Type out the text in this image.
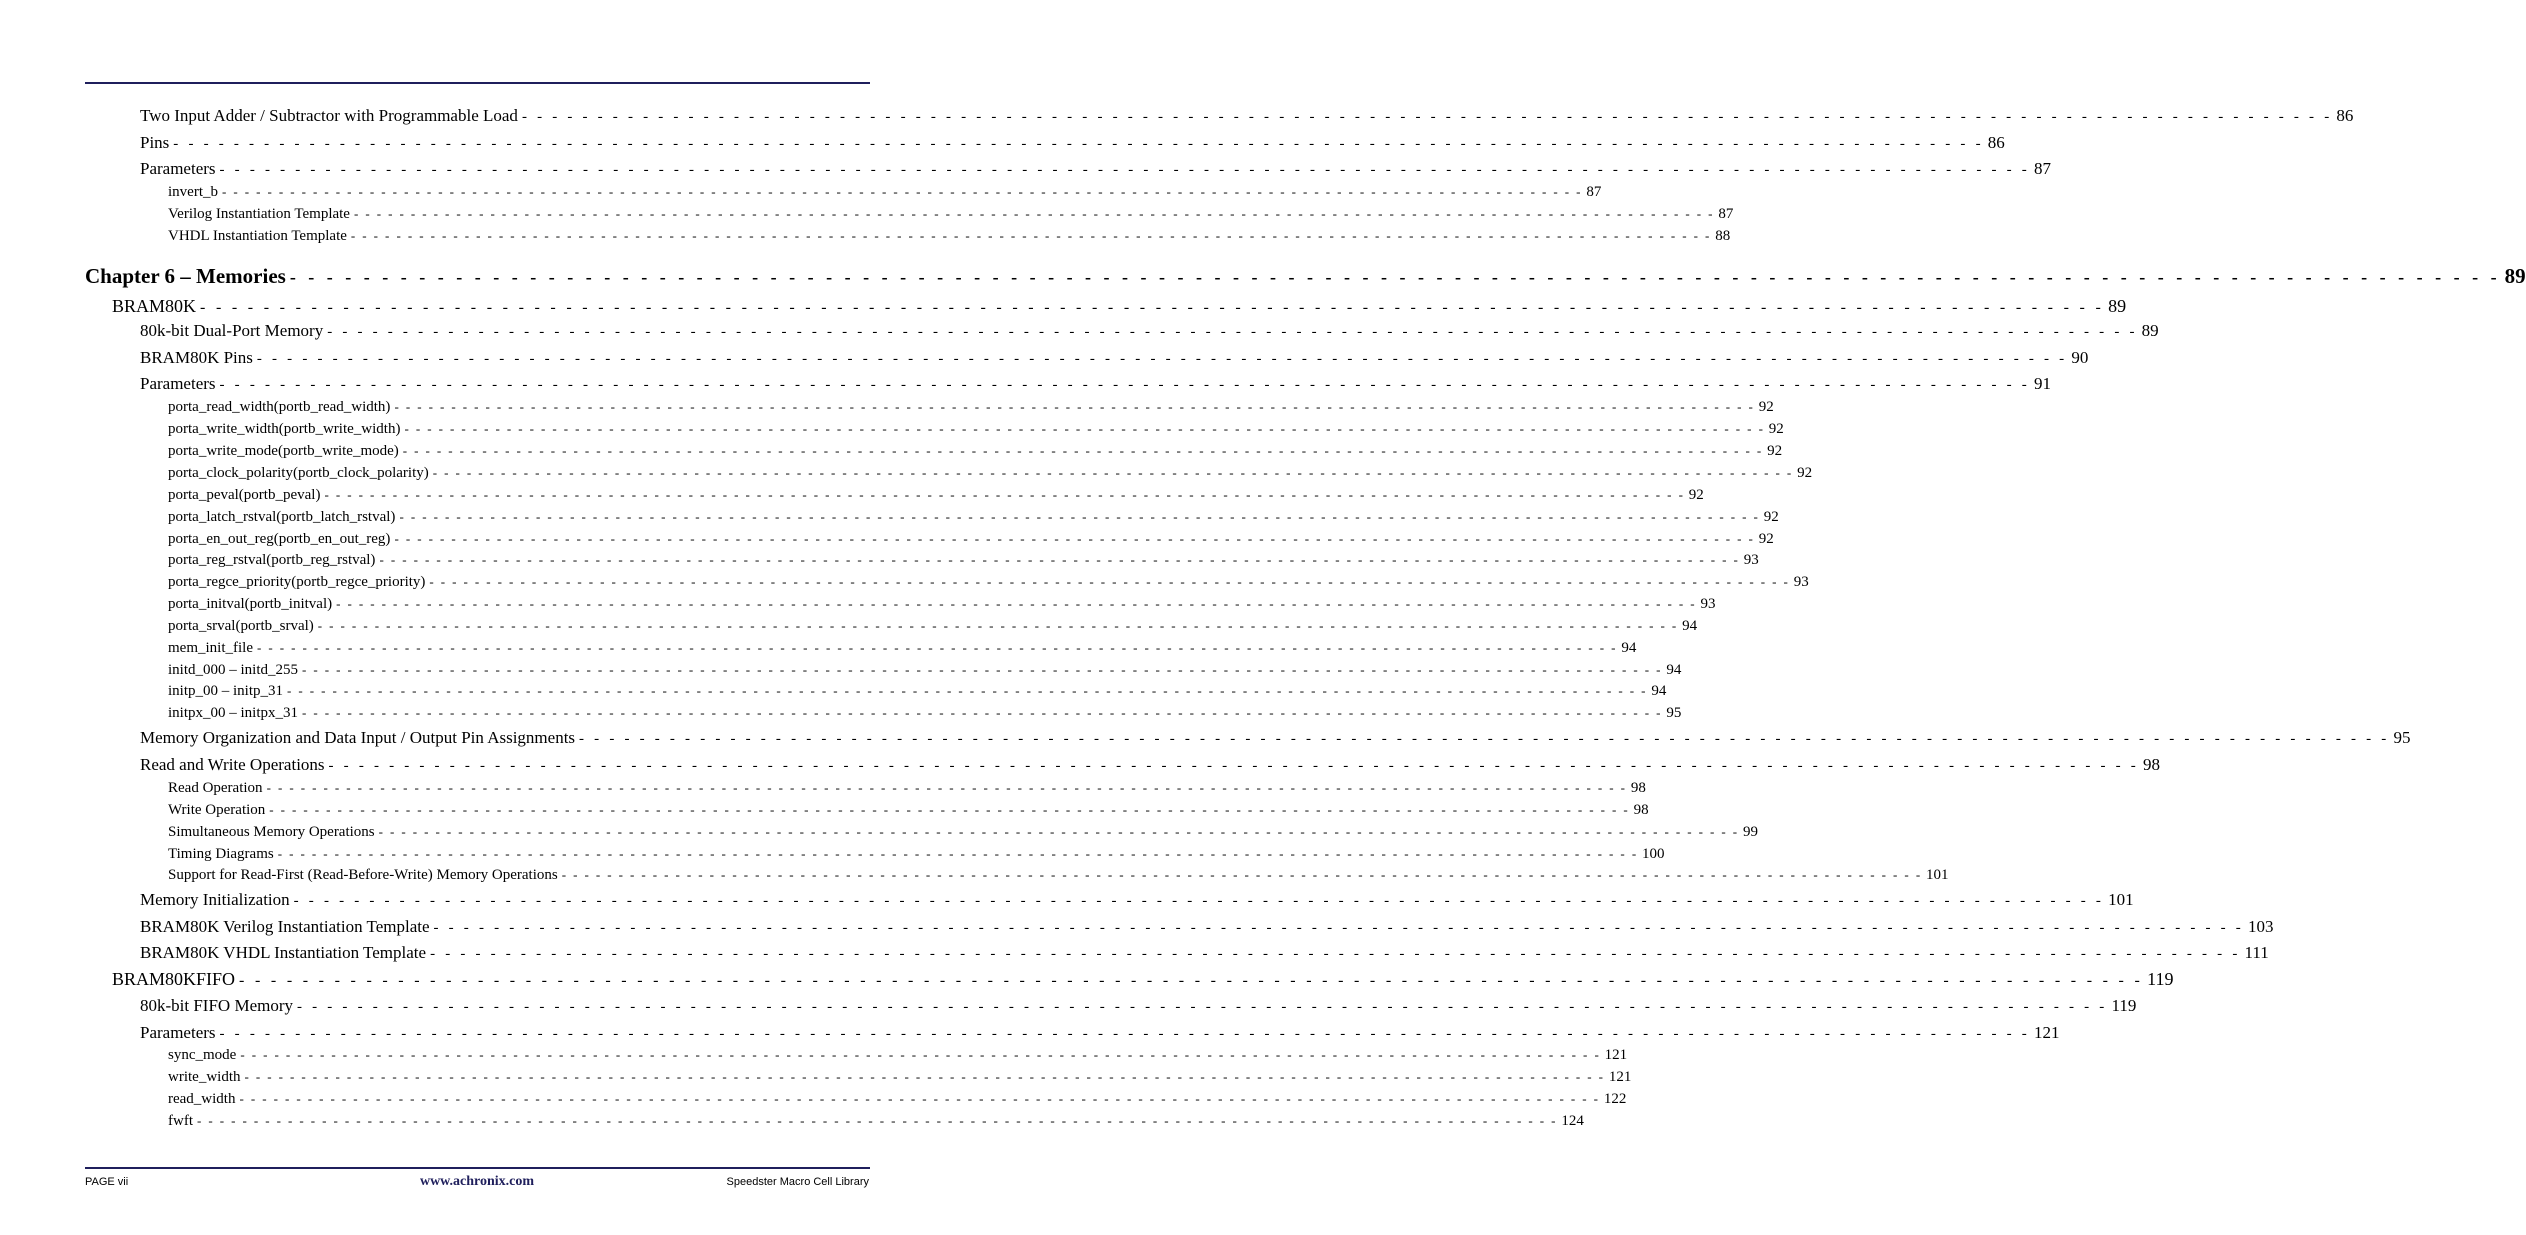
Two Input Adder / Subtractor with Programmable Load - - - - - - - - - - - - - - - - - - - - - - - - - - - - - - - - - - - - - - - - - - - - - - - - - - - - - - - - - - - - - - - - - - - - - - - - - - - - - - - - - - - - - - - - - - - - - - - - - - - - - - - - - - - - - - - - - - - - - - - - 86
Pins - - - - - - - - - - - - - - - - - - - - - - - - - - - - - - - - - - - - - - - - - - - - - - - - - - - - - - - - - - - - - - - - - - - - - - - - - - - - - - - - - - - - - - - - - - - - - - - - - - - - - - - - - - - - - - - - - - - - - - - - 86
Parameters - - - - - - - - - - - - - - - - - - - - - - - - - - - - - - - - - - - - - - - - - - - - - - - - - - - - - - - - - - - - - - - - - - - - - - - - - - - - - - - - - - - - - - - - - - - - - - - - - - - - - - - - - - - - - - - - - - - - - - - - 87
invert_b - - - - - - - - - - - - - - - - - - - - - - - - - - - - - - - - - - - - - - - - - - - - - - - - - - - - - - - - - - - - - - - - - - - - - - - - - - - - - - - - - - - - - - - - - - - - - - - - - - - - - - - - - - - - - - - - - - - - - - - - 87
Verilog Instantiation Template - - - - - - - - - - - - - - - - - - - - - - - - - - - - - - - - - - - - - - - - - - - - - - - - - - - - - - - - - - - - - - - - - - - - - - - - - - - - - - - - - - - - - - - - - - - - - - - - - - - - - - - - - - - - - - - - - - - - - - - - 87
VHDL Instantiation Template - - - - - - - - - - - - - - - - - - - - - - - - - - - - - - - - - - - - - - - - - - - - - - - - - - - - - - - - - - - - - - - - - - - - - - - - - - - - - - - - - - - - - - - - - - - - - - - - - - - - - - - - - - - - - - - - - - - - - - - - 88
Chapter 6 – Memories - - - - - - - - - - - - - - - - - - - - - - - - - - - - - - - - - - - - - - - - - - - - - - - - - - - - - - - - - - - - - - - - - - - - - - - - - - - - - - - - - - - - - - - - - - - - - - - - - - - - - - - - - - - - - - - - - - - - - - - - 89
BRAM80K - - - - - - - - - - - - - - - - - - - - - - - - - - - - - - - - - - - - - - - - - - - - - - - - - - - - - - - - - - - - - - - - - - - - - - - - - - - - - - - - - - - - - - - - - - - - - - - - - - - - - - - - - - - - - - - - - - - - - - - - 89
80k-bit Dual-Port Memory - - - - - - - - - - - - - - - - - - - - - - - - - - - - - - - - - - - - - - - - - - - - - - - - - - - - - - - - - - - - - - - - - - - - - - - - - - - - - - - - - - - - - - - - - - - - - - - - - - - - - - - - - - - - - - - - - - - - - - - - 89
BRAM80K Pins - - - - - - - - - - - - - - - - - - - - - - - - - - - - - - - - - - - - - - - - - - - - - - - - - - - - - - - - - - - - - - - - - - - - - - - - - - - - - - - - - - - - - - - - - - - - - - - - - - - - - - - - - - - - - - - - - - - - - - - - 90
Parameters - - - - - - - - - - - - - - - - - - - - - - - - - - - - - - - - - - - - - - - - - - - - - - - - - - - - - - - - - - - - - - - - - - - - - - - - - - - - - - - - - - - - - - - - - - - - - - - - - - - - - - - - - - - - - - - - - - - - - - - - 91
porta_read_width(portb_read_width) - - - - - - - - - - - - - - - - - - - - - - - - - - - - - - - - - - - - - - - - - - - - - - - - - - - - - - - - - - - - - - - - - - - - - - - - - - - - - - - - - - - - - - - - - - - - - - - - - - - - - - - - - - - - - - - - - - - - - - - - 92
porta_write_width(portb_write_width) - - - - - - - - - - - - - - - - - - - - - - - - - - - - - - - - - - - - - - - - - - - - - - - - - - - - - - - - - - - - - - - - - - - - - - - - - - - - - - - - - - - - - - - - - - - - - - - - - - - - - - - - - - - - - - - - - - - - - - - - 92
porta_write_mode(portb_write_mode) - - - - - - - - - - - - - - - - - - - - - - - - - - - - - - - - - - - - - - - - - - - - - - - - - - - - - - - - - - - - - - - - - - - - - - - - - - - - - - - - - - - - - - - - - - - - - - - - - - - - - - - - - - - - - - - - - - - - - - - - 92
porta_clock_polarity(portb_clock_polarity) - - - - - - - - - - - - - - - - - - - - - - - - - - - - - - - - - - - - - - - - - - - - - - - - - - - - - - - - - - - - - - - - - - - - - - - - - - - - - - - - - - - - - - - - - - - - - - - - - - - - - - - - - - - - - - - - - - - - - - - - 92
porta_peval(portb_peval) - - - - - - - - - - - - - - - - - - - - - - - - - - - - - - - - - - - - - - - - - - - - - - - - - - - - - - - - - - - - - - - - - - - - - - - - - - - - - - - - - - - - - - - - - - - - - - - - - - - - - - - - - - - - - - - - - - - - - - - - 92
porta_latch_rstval(portb_latch_rstval) - - - - - - - - - - - - - - - - - - - - - - - - - - - - - - - - - - - - - - - - - - - - - - - - - - - - - - - - - - - - - - - - - - - - - - - - - - - - - - - - - - - - - - - - - - - - - - - - - - - - - - - - - - - - - - - - - - - - - - - - 92
porta_en_out_reg(portb_en_out_reg) - - - - - - - - - - - - - - - - - - - - - - - - - - - - - - - - - - - - - - - - - - - - - - - - - - - - - - - - - - - - - - - - - - - - - - - - - - - - - - - - - - - - - - - - - - - - - - - - - - - - - - - - - - - - - - - - - - - - - - - - 92
porta_reg_rstval(portb_reg_rstval) - - - - - - - - - - - - - - - - - - - - - - - - - - - - - - - - - - - - - - - - - - - - - - - - - - - - - - - - - - - - - - - - - - - - - - - - - - - - - - - - - - - - - - - - - - - - - - - - - - - - - - - - - - - - - - - - - - - - - - - - 93
porta_regce_priority(portb_regce_priority) - - - - - - - - - - - - - - - - - - - - - - - - - - - - - - - - - - - - - - - - - - - - - - - - - - - - - - - - - - - - - - - - - - - - - - - - - - - - - - - - - - - - - - - - - - - - - - - - - - - - - - - - - - - - - - - - - - - - - - - - 93
porta_initval(portb_initval) - - - - - - - - - - - - - - - - - - - - - - - - - - - - - - - - - - - - - - - - - - - - - - - - - - - - - - - - - - - - - - - - - - - - - - - - - - - - - - - - - - - - - - - - - - - - - - - - - - - - - - - - - - - - - - - - - - - - - - - - 93
porta_srval(portb_srval) - - - - - - - - - - - - - - - - - - - - - - - - - - - - - - - - - - - - - - - - - - - - - - - - - - - - - - - - - - - - - - - - - - - - - - - - - - - - - - - - - - - - - - - - - - - - - - - - - - - - - - - - - - - - - - - - - - - - - - - - 94
mem_init_file - - - - - - - - - - - - - - - - - - - - - - - - - - - - - - - - - - - - - - - - - - - - - - - - - - - - - - - - - - - - - - - - - - - - - - - - - - - - - - - - - - - - - - - - - - - - - - - - - - - - - - - - - - - - - - - - - - - - - - - - 94
initd_000 – initd_255 - - - - - - - - - - - - - - - - - - - - - - - - - - - - - - - - - - - - - - - - - - - - - - - - - - - - - - - - - - - - - - - - - - - - - - - - - - - - - - - - - - - - - - - - - - - - - - - - - - - - - - - - - - - - - - - - - - - - - - - - 94
initp_00 – initp_31 - - - - - - - - - - - - - - - - - - - - - - - - - - - - - - - - - - - - - - - - - - - - - - - - - - - - - - - - - - - - - - - - - - - - - - - - - - - - - - - - - - - - - - - - - - - - - - - - - - - - - - - - - - - - - - - - - - - - - - - - 94
initpx_00 – initpx_31 - - - - - - - - - - - - - - - - - - - - - - - - - - - - - - - - - - - - - - - - - - - - - - - - - - - - - - - - - - - - - - - - - - - - - - - - - - - - - - - - - - - - - - - - - - - - - - - - - - - - - - - - - - - - - - - - - - - - - - - - 95
Memory Organization and Data Input / Output Pin Assignments - - - - - - - - - - - - - - - - - - - - - - - - - - - - - - - - - - - - - - - - - - - - - - - - - - - - - - - - - - - - - - - - - - - - - - - - - - - - - - - - - - - - - - - - - - - - - - - - - - - - - - - - - - - - - - - - - - - - - - - - 95
Read and Write Operations - - - - - - - - - - - - - - - - - - - - - - - - - - - - - - - - - - - - - - - - - - - - - - - - - - - - - - - - - - - - - - - - - - - - - - - - - - - - - - - - - - - - - - - - - - - - - - - - - - - - - - - - - - - - - - - - - - - - - - - - 98
Read Operation - - - - - - - - - - - - - - - - - - - - - - - - - - - - - - - - - - - - - - - - - - - - - - - - - - - - - - - - - - - - - - - - - - - - - - - - - - - - - - - - - - - - - - - - - - - - - - - - - - - - - - - - - - - - - - - - - - - - - - - - 98
Write Operation - - - - - - - - - - - - - - - - - - - - - - - - - - - - - - - - - - - - - - - - - - - - - - - - - - - - - - - - - - - - - - - - - - - - - - - - - - - - - - - - - - - - - - - - - - - - - - - - - - - - - - - - - - - - - - - - - - - - - - - - 98
Simultaneous Memory Operations - - - - - - - - - - - - - - - - - - - - - - - - - - - - - - - - - - - - - - - - - - - - - - - - - - - - - - - - - - - - - - - - - - - - - - - - - - - - - - - - - - - - - - - - - - - - - - - - - - - - - - - - - - - - - - - - - - - - - - - - 99
Timing Diagrams - - - - - - - - - - - - - - - - - - - - - - - - - - - - - - - - - - - - - - - - - - - - - - - - - - - - - - - - - - - - - - - - - - - - - - - - - - - - - - - - - - - - - - - - - - - - - - - - - - - - - - - - - - - - - - - - - - - - - - - - 100
Support for Read-First (Read-Before-Write) Memory Operations - - - - - - - - - - - - - - - - - - - - - - - - - - - - - - - - - - - - - - - - - - - - - - - - - - - - - - - - - - - - - - - - - - - - - - - - - - - - - - - - - - - - - - - - - - - - - - - - - - - - - - - - - - - - - - - - - - - - - - - - 101
Memory Initialization - - - - - - - - - - - - - - - - - - - - - - - - - - - - - - - - - - - - - - - - - - - - - - - - - - - - - - - - - - - - - - - - - - - - - - - - - - - - - - - - - - - - - - - - - - - - - - - - - - - - - - - - - - - - - - - - - - - - - - - - 101
BRAM80K Verilog Instantiation Template - - - - - - - - - - - - - - - - - - - - - - - - - - - - - - - - - - - - - - - - - - - - - - - - - - - - - - - - - - - - - - - - - - - - - - - - - - - - - - - - - - - - - - - - - - - - - - - - - - - - - - - - - - - - - - - - - - - - - - - - 103
BRAM80K VHDL Instantiation Template - - - - - - - - - - - - - - - - - - - - - - - - - - - - - - - - - - - - - - - - - - - - - - - - - - - - - - - - - - - - - - - - - - - - - - - - - - - - - - - - - - - - - - - - - - - - - - - - - - - - - - - - - - - - - - - - - - - - - - - - 111
BRAM80KFIFO - - - - - - - - - - - - - - - - - - - - - - - - - - - - - - - - - - - - - - - - - - - - - - - - - - - - - - - - - - - - - - - - - - - - - - - - - - - - - - - - - - - - - - - - - - - - - - - - - - - - - - - - - - - - - - - - - - - - - - - - 119
80k-bit FIFO Memory - - - - - - - - - - - - - - - - - - - - - - - - - - - - - - - - - - - - - - - - - - - - - - - - - - - - - - - - - - - - - - - - - - - - - - - - - - - - - - - - - - - - - - - - - - - - - - - - - - - - - - - - - - - - - - - - - - - - - - - - 119
Parameters - - - - - - - - - - - - - - - - - - - - - - - - - - - - - - - - - - - - - - - - - - - - - - - - - - - - - - - - - - - - - - - - - - - - - - - - - - - - - - - - - - - - - - - - - - - - - - - - - - - - - - - - - - - - - - - - - - - - - - - - 121
sync_mode - - - - - - - - - - - - - - - - - - - - - - - - - - - - - - - - - - - - - - - - - - - - - - - - - - - - - - - - - - - - - - - - - - - - - - - - - - - - - - - - - - - - - - - - - - - - - - - - - - - - - - - - - - - - - - - - - - - - - - - - 121
write_width - - - - - - - - - - - - - - - - - - - - - - - - - - - - - - - - - - - - - - - - - - - - - - - - - - - - - - - - - - - - - - - - - - - - - - - - - - - - - - - - - - - - - - - - - - - - - - - - - - - - - - - - - - - - - - - - - - - - - - - - 121
read_width - - - - - - - - - - - - - - - - - - - - - - - - - - - - - - - - - - - - - - - - - - - - - - - - - - - - - - - - - - - - - - - - - - - - - - - - - - - - - - - - - - - - - - - - - - - - - - - - - - - - - - - - - - - - - - - - - - - - - - - - 122
fwft - - - - - - - - - - - - - - - - - - - - - - - - - - - - - - - - - - - - - - - - - - - - - - - - - - - - - - - - - - - - - - - - - - - - - - - - - - - - - - - - - - - - - - - - - - - - - - - - - - - - - - - - - - - - - - - - - - - - - - - - 124
PAGE vii	www.achronix.com	Speedster Macro Cell Library
